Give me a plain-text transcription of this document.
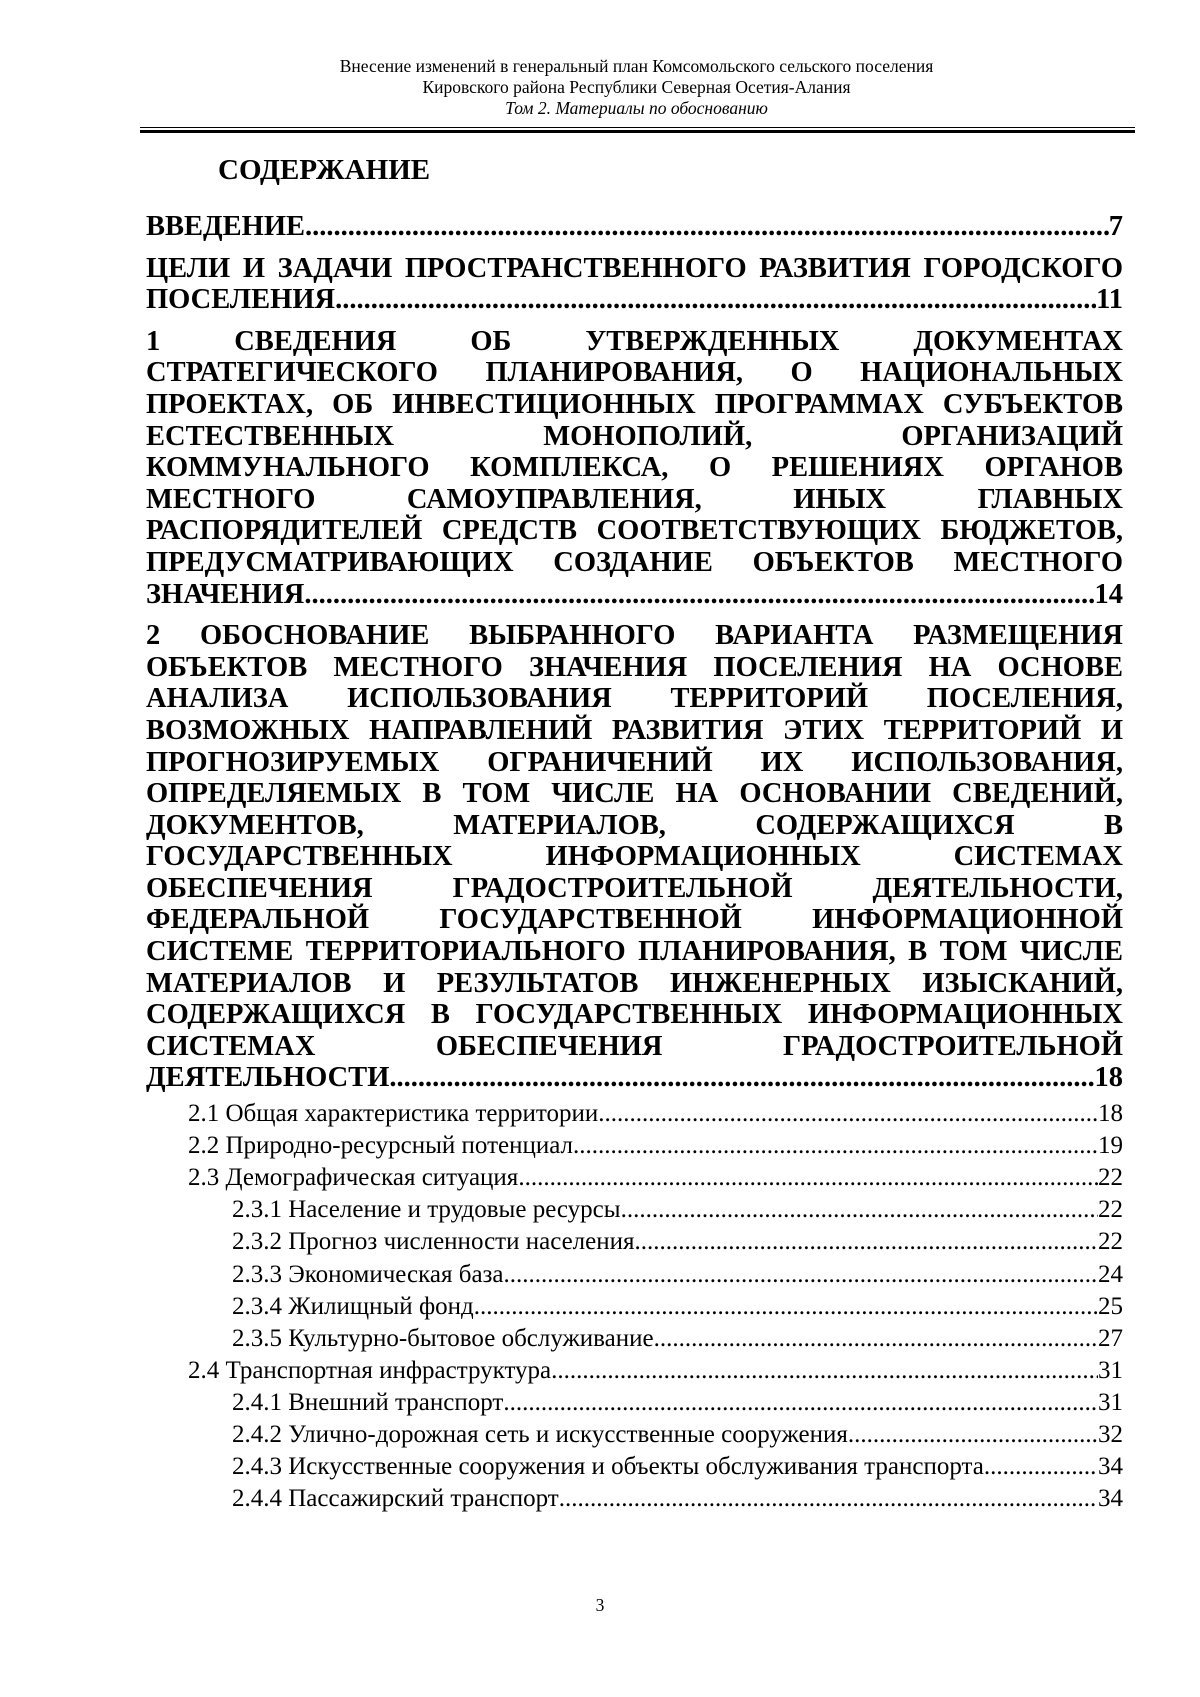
Внесение изменений в генеральный план Комсомольского сельского поселения
Кировского района Республики Северная Осетия-Алания
Том 2. Материалы по обоснованию
СОДЕРЖАНИЕ
ВВЕДЕНИЕ .....	7
ЦЕЛИ И ЗАДАЧИ ПРОСТРАНСТВЕННОГО РАЗВИТИЯ ГОРОДСКОГО
ПОСЕЛЕНИЯ .....	11
1 СВЕДЕНИЯ ОБ УТВЕРЖДЕННЫХ ДОКУМЕНТАХ СТРАТЕГИЧЕСКОГО ПЛАНИРОВАНИЯ, О НАЦИОНАЛЬНЫХ ПРОЕКТАХ, ОБ ИНВЕСТИЦИОННЫХ ПРОГРАММАХ СУБЪЕКТОВ ЕСТЕСТВЕННЫХ МОНОПОЛИЙ, ОРГАНИЗАЦИЙ КОММУНАЛЬНОГО КОМПЛЕКСА, О РЕШЕНИЯХ ОРГАНОВ МЕСТНОГО САМОУПРАВЛЕНИЯ, ИНЫХ ГЛАВНЫХ РАСПОРЯДИТЕЛЕЙ СРЕДСТВ СООТВЕТСТВУЮЩИХ БЮДЖЕТОВ, ПРЕДУСМАТРИВАЮЩИХ СОЗДАНИЕ ОБЪЕКТОВ МЕСТНОГО
ЗНАЧЕНИЯ .....	14
2 ОБОСНОВАНИЕ ВЫБРАННОГО ВАРИАНТА РАЗМЕЩЕНИЯ ОБЪЕКТОВ МЕСТНОГО ЗНАЧЕНИЯ ПОСЕЛЕНИЯ НА ОСНОВЕ АНАЛИЗА ИСПОЛЬЗОВАНИЯ ТЕРРИТОРИЙ ПОСЕЛЕНИЯ, ВОЗМОЖНЫХ НАПРАВЛЕНИЙ РАЗВИТИЯ ЭТИХ ТЕРРИТОРИЙ И ПРОГНОЗИРУЕМЫХ ОГРАНИЧЕНИЙ ИХ ИСПОЛЬЗОВАНИЯ, ОПРЕДЕЛЯЕМЫХ В ТОМ ЧИСЛЕ НА ОСНОВАНИИ СВЕДЕНИЙ, ДОКУМЕНТОВ, МАТЕРИАЛОВ, СОДЕРЖАЩИХСЯ В ГОСУДАРСТВЕННЫХ ИНФОРМАЦИОННЫХ СИСТЕМАХ ОБЕСПЕЧЕНИЯ ГРАДОСТРОИТЕЛЬНОЙ ДЕЯТЕЛЬНОСТИ, ФЕДЕРАЛЬНОЙ ГОСУДАРСТВЕННОЙ ИНФОРМАЦИОННОЙ СИСТЕМЕ ТЕРРИТОРИАЛЬНОГО ПЛАНИРОВАНИЯ, В ТОМ ЧИСЛЕ МАТЕРИАЛОВ И РЕЗУЛЬТАТОВ ИНЖЕНЕРНЫХ ИЗЫСКАНИЙ, СОДЕРЖАЩИХСЯ В ГОСУДАРСТВЕННЫХ ИНФОРМАЦИОННЫХ СИСТЕМАХ ОБЕСПЕЧЕНИЯ ГРАДОСТРОИТЕЛЬНОЙ
ДЕЯТЕЛЬНОСТИ .....	18
2.1 Общая характеристика территории .....	18
2.2 Природно-ресурсный потенциал .....	19
2.3 Демографическая ситуация .....	22
2.3.1 Население и трудовые ресурсы .....	22
2.3.2 Прогноз численности населения .....	22
2.3.3 Экономическая база .....	24
2.3.4 Жилищный фонд .....	25
2.3.5 Культурно-бытовое обслуживание .....	27
2.4 Транспортная инфраструктура .....	31
2.4.1 Внешний транспорт .....	31
2.4.2 Улично-дорожная сеть и искусственные сооружения .....	32
2.4.3 Искусственные сооружения и объекты обслуживания транспорта .....	34
2.4.4 Пассажирский транспорт .....	34
3
